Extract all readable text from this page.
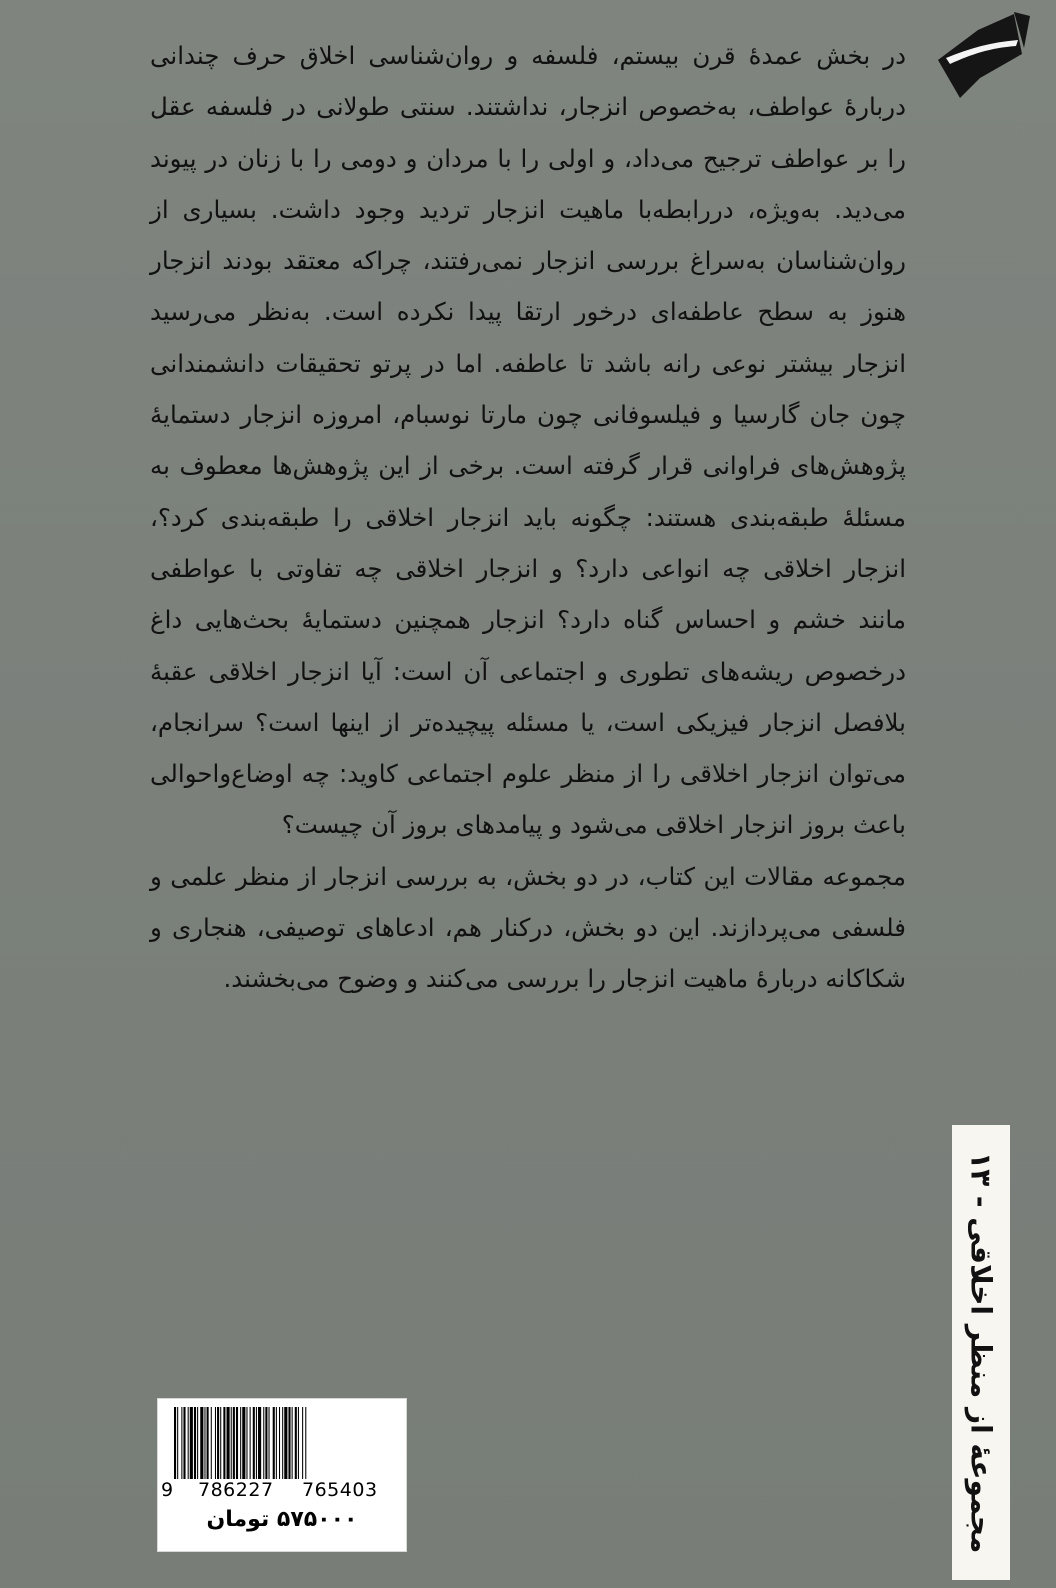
در بخش عمدهٔ قرن بیستم، فلسفه و روان‌شناسی اخلاق حرف چندانی دربارهٔ عواطف، به‌خصوص انزجار، نداشتند. سنتی طولانی در فلسفه عقل را بر عواطف ترجیح می‌داد، و اولی را با مردان و دومی را با زنان در پیوند می‌دید. به‌ویژه، دررابطه‌با ماهیت انزجار تردید وجود داشت. بسیاری از روان‌شناسان به‌سراغ بررسی انزجار نمی‌رفتند، چراکه معتقد بودند انزجار هنوز به سطح عاطفه‌ای درخور ارتقا پیدا نکرده است. به‌نظر می‌رسید انزجار بیشتر نوعی رانه باشد تا عاطفه. اما در پرتو تحقیقات دانشمندانی چون جان گارسیا و فیلسوفانی چون مارتا نوسبام، امروزه انزجار دستمایهٔ پژوهش‌های فراوانی قرار گرفته است. برخی از این پژوهش‌ها معطوف به مسئلهٔ طبقه‌بندی هستند: چگونه باید انزجار اخلاقی را طبقه‌بندی کرد؟، انزجار اخلاقی چه انواعی دارد؟ و انزجار اخلاقی چه تفاوتی با عواطفی مانند خشم و احساس گناه دارد؟ انزجار همچنین دستمایهٔ بحث‌هایی داغ درخصوص ریشه‌های تطوری و اجتماعی آن است: آیا انزجار اخلاقی عقبهٔ بلافصل انزجار فیزیکی است، یا مسئله پیچیده‌تر از اینها است؟ سرانجام، می‌توان انزجار اخلاقی را از منظر علوم اجتماعی کاوید: چه اوضاع‌واحوالی باعث بروز انزجار اخلاقی می‌شود و پیامدهای بروز آن چیست؟

مجموعه مقالات این کتاب، در دو بخش، به بررسی انزجار از منظر علمی و فلسفی می‌پردازند. این دو بخش، درکنار هم، ادعاهای توصیفی، هنجاری و شکاکانه دربارهٔ ماهیت انزجار را بررسی می‌کنند و وضوح می‌بخشند.

مجموعهٔ از منظر اخلاقی - ۱۳
9 786227 765403
۵۷۵۰۰۰ تومان
